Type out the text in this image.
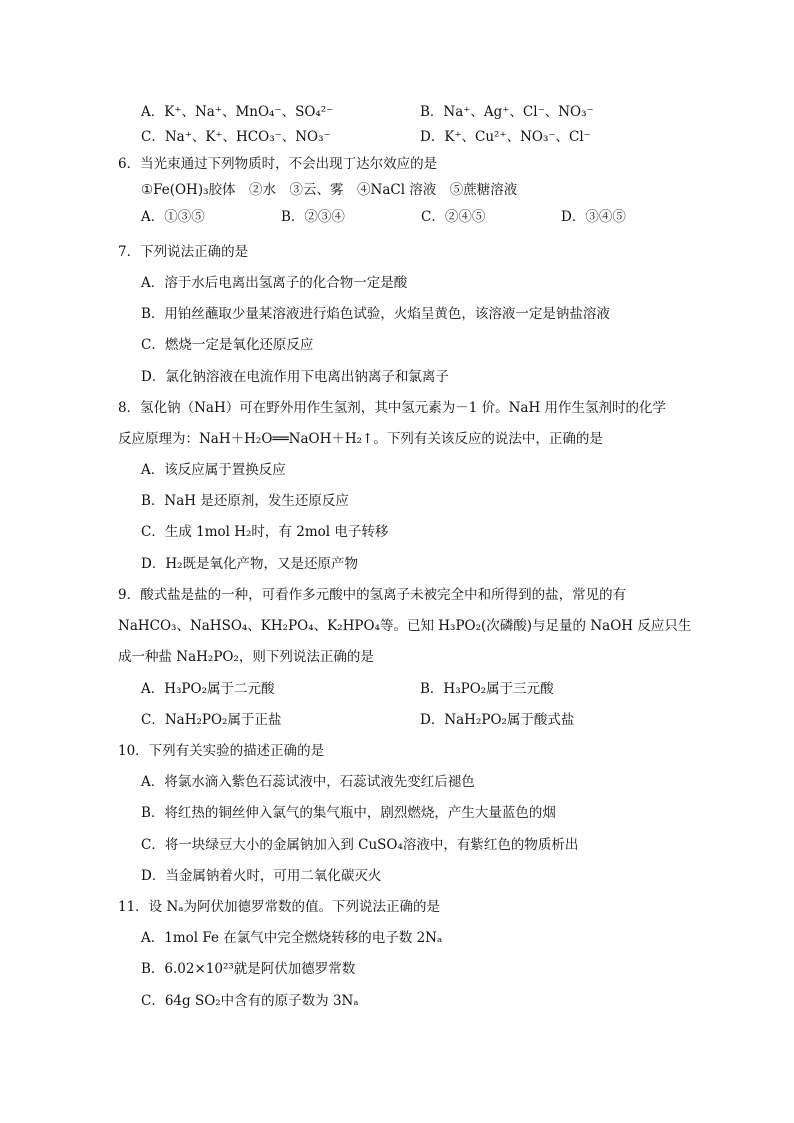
A．K⁺、Na⁺、MnO₄⁻、SO₄²⁻	B．Na⁺、Ag⁺、Cl⁻、NO₃⁻
C．Na⁺、K⁺、HCO₃⁻、NO₃⁻	D．K⁺、Cu²⁺、NO₃⁻、Cl⁻
6．当光束通过下列物质时，不会出现丁达尔效应的是
①Fe(OH)₃胶体　②水　③云、雾　④NaCl 溶液　⑤蔗糖溶液
A．①③⑤	B．②③④	C．②④⑤	D．③④⑤
7．下列说法正确的是
A．溶于水后电离出氢离子的化合物一定是酸
B．用铂丝蘸取少量某溶液进行焰色试验，火焰呈黄色，该溶液一定是钠盐溶液
C．燃烧一定是氧化还原反应
D．氯化钠溶液在电流作用下电离出钠离子和氯离子
8．氢化钠（NaH）可在野外用作生氢剂，其中氢元素为－1 价。NaH 用作生氢剂时的化学
反应原理为：NaH＋H₂O══NaOH＋H₂↑。下列有关该反应的说法中，正确的是
A．该反应属于置换反应
B．NaH 是还原剂，发生还原反应
C．生成 1mol H₂时，有 2mol 电子转移
D．H₂既是氧化产物，又是还原产物
9．酸式盐是盐的一种，可看作多元酸中的氢离子未被完全中和所得到的盐，常见的有
NaHCO₃、NaHSO₄、KH₂PO₄、K₂HPO₄等。已知 H₃PO₂(次磷酸)与足量的 NaOH 反应只生
成一种盐 NaH₂PO₂，则下列说法正确的是
A．H₃PO₂属于二元酸	B．H₃PO₂属于三元酸
C．NaH₂PO₂属于正盐	D．NaH₂PO₂属于酸式盐
10．下列有关实验的描述正确的是
A．将氯水滴入紫色石蕊试液中，石蕊试液先变红后褪色
B．将红热的铜丝伸入氯气的集气瓶中，剧烈燃烧，产生大量蓝色的烟
C．将一块绿豆大小的金属钠加入到 CuSO₄溶液中，有紫红色的物质析出
D．当金属钠着火时，可用二氧化碳灭火
11．设 Nₐ为阿伏加德罗常数的值。下列说法正确的是
A．1mol Fe 在氯气中完全燃烧转移的电子数 2Nₐ
B．6.02×10²³就是阿伏加德罗常数
C．64g SO₂中含有的原子数为 3Nₐ
